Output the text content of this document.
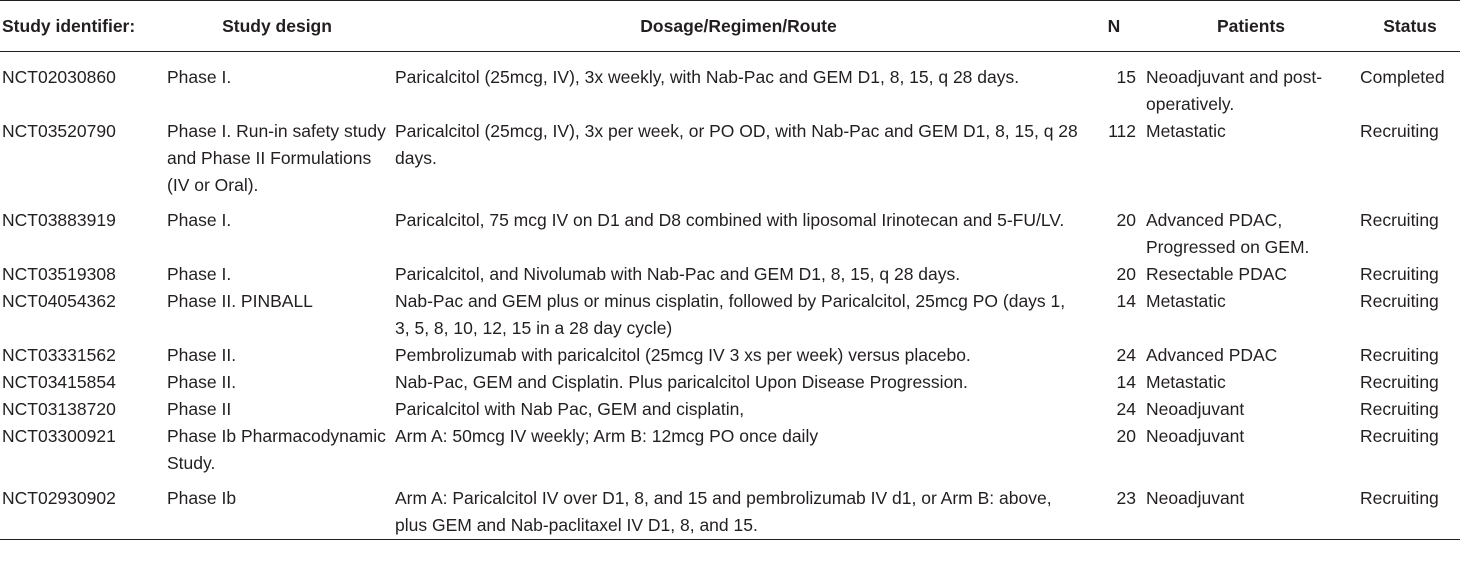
Study identifier:	Study design	Dosage/Regimen/Route	N	Patients	Status
NCT02030860	Phase I.	Paricalcitol (25mcg, IV), 3x weekly, with Nab-Pac and GEM D1, 8, 15, q 28 days.	15	Neoadjuvant and post-operatively.	Completed
NCT03520790	Phase I. Run-in safety study and Phase II Formulations (IV or Oral).	Paricalcitol (25mcg, IV), 3x per week, or PO OD, with Nab-Pac and GEM D1, 8, 15, q 28 days.	112	Metastatic	Recruiting
NCT03883919	Phase I.	Paricalcitol, 75 mcg IV on D1 and D8 combined with liposomal Irinotecan and 5-FU/LV.	20	Advanced PDAC, Progressed on GEM.	Recruiting
NCT03519308	Phase I.	Paricalcitol, and Nivolumab with Nab-Pac and GEM D1, 8, 15, q 28 days.	20	Resectable PDAC	Recruiting
NCT04054362	Phase II. PINBALL	Nab-Pac and GEM plus or minus cisplatin, followed by Paricalcitol, 25mcg PO (days 1, 3, 5, 8, 10, 12, 15 in a 28 day cycle)	14	Metastatic	Recruiting
NCT03331562	Phase II.	Pembrolizumab with paricalcitol (25mcg IV 3 xs per week) versus placebo.	24	Advanced PDAC	Recruiting
NCT03415854	Phase II.	Nab-Pac, GEM and Cisplatin. Plus paricalcitol Upon Disease Progression.	14	Metastatic	Recruiting
NCT03138720	Phase II	Paricalcitol with Nab Pac, GEM and cisplatin,	24	Neoadjuvant	Recruiting
NCT03300921	Phase Ib Pharmacodynamic Study.	Arm A: 50mcg IV weekly; Arm B: 12mcg PO once daily	20	Neoadjuvant	Recruiting
NCT02930902	Phase Ib	Arm A: Paricalcitol IV over D1, 8, and 15 and pembrolizumab IV d1, or Arm B: above, plus GEM and Nab-paclitaxel IV D1, 8, and 15.	23	Neoadjuvant	Recruiting
